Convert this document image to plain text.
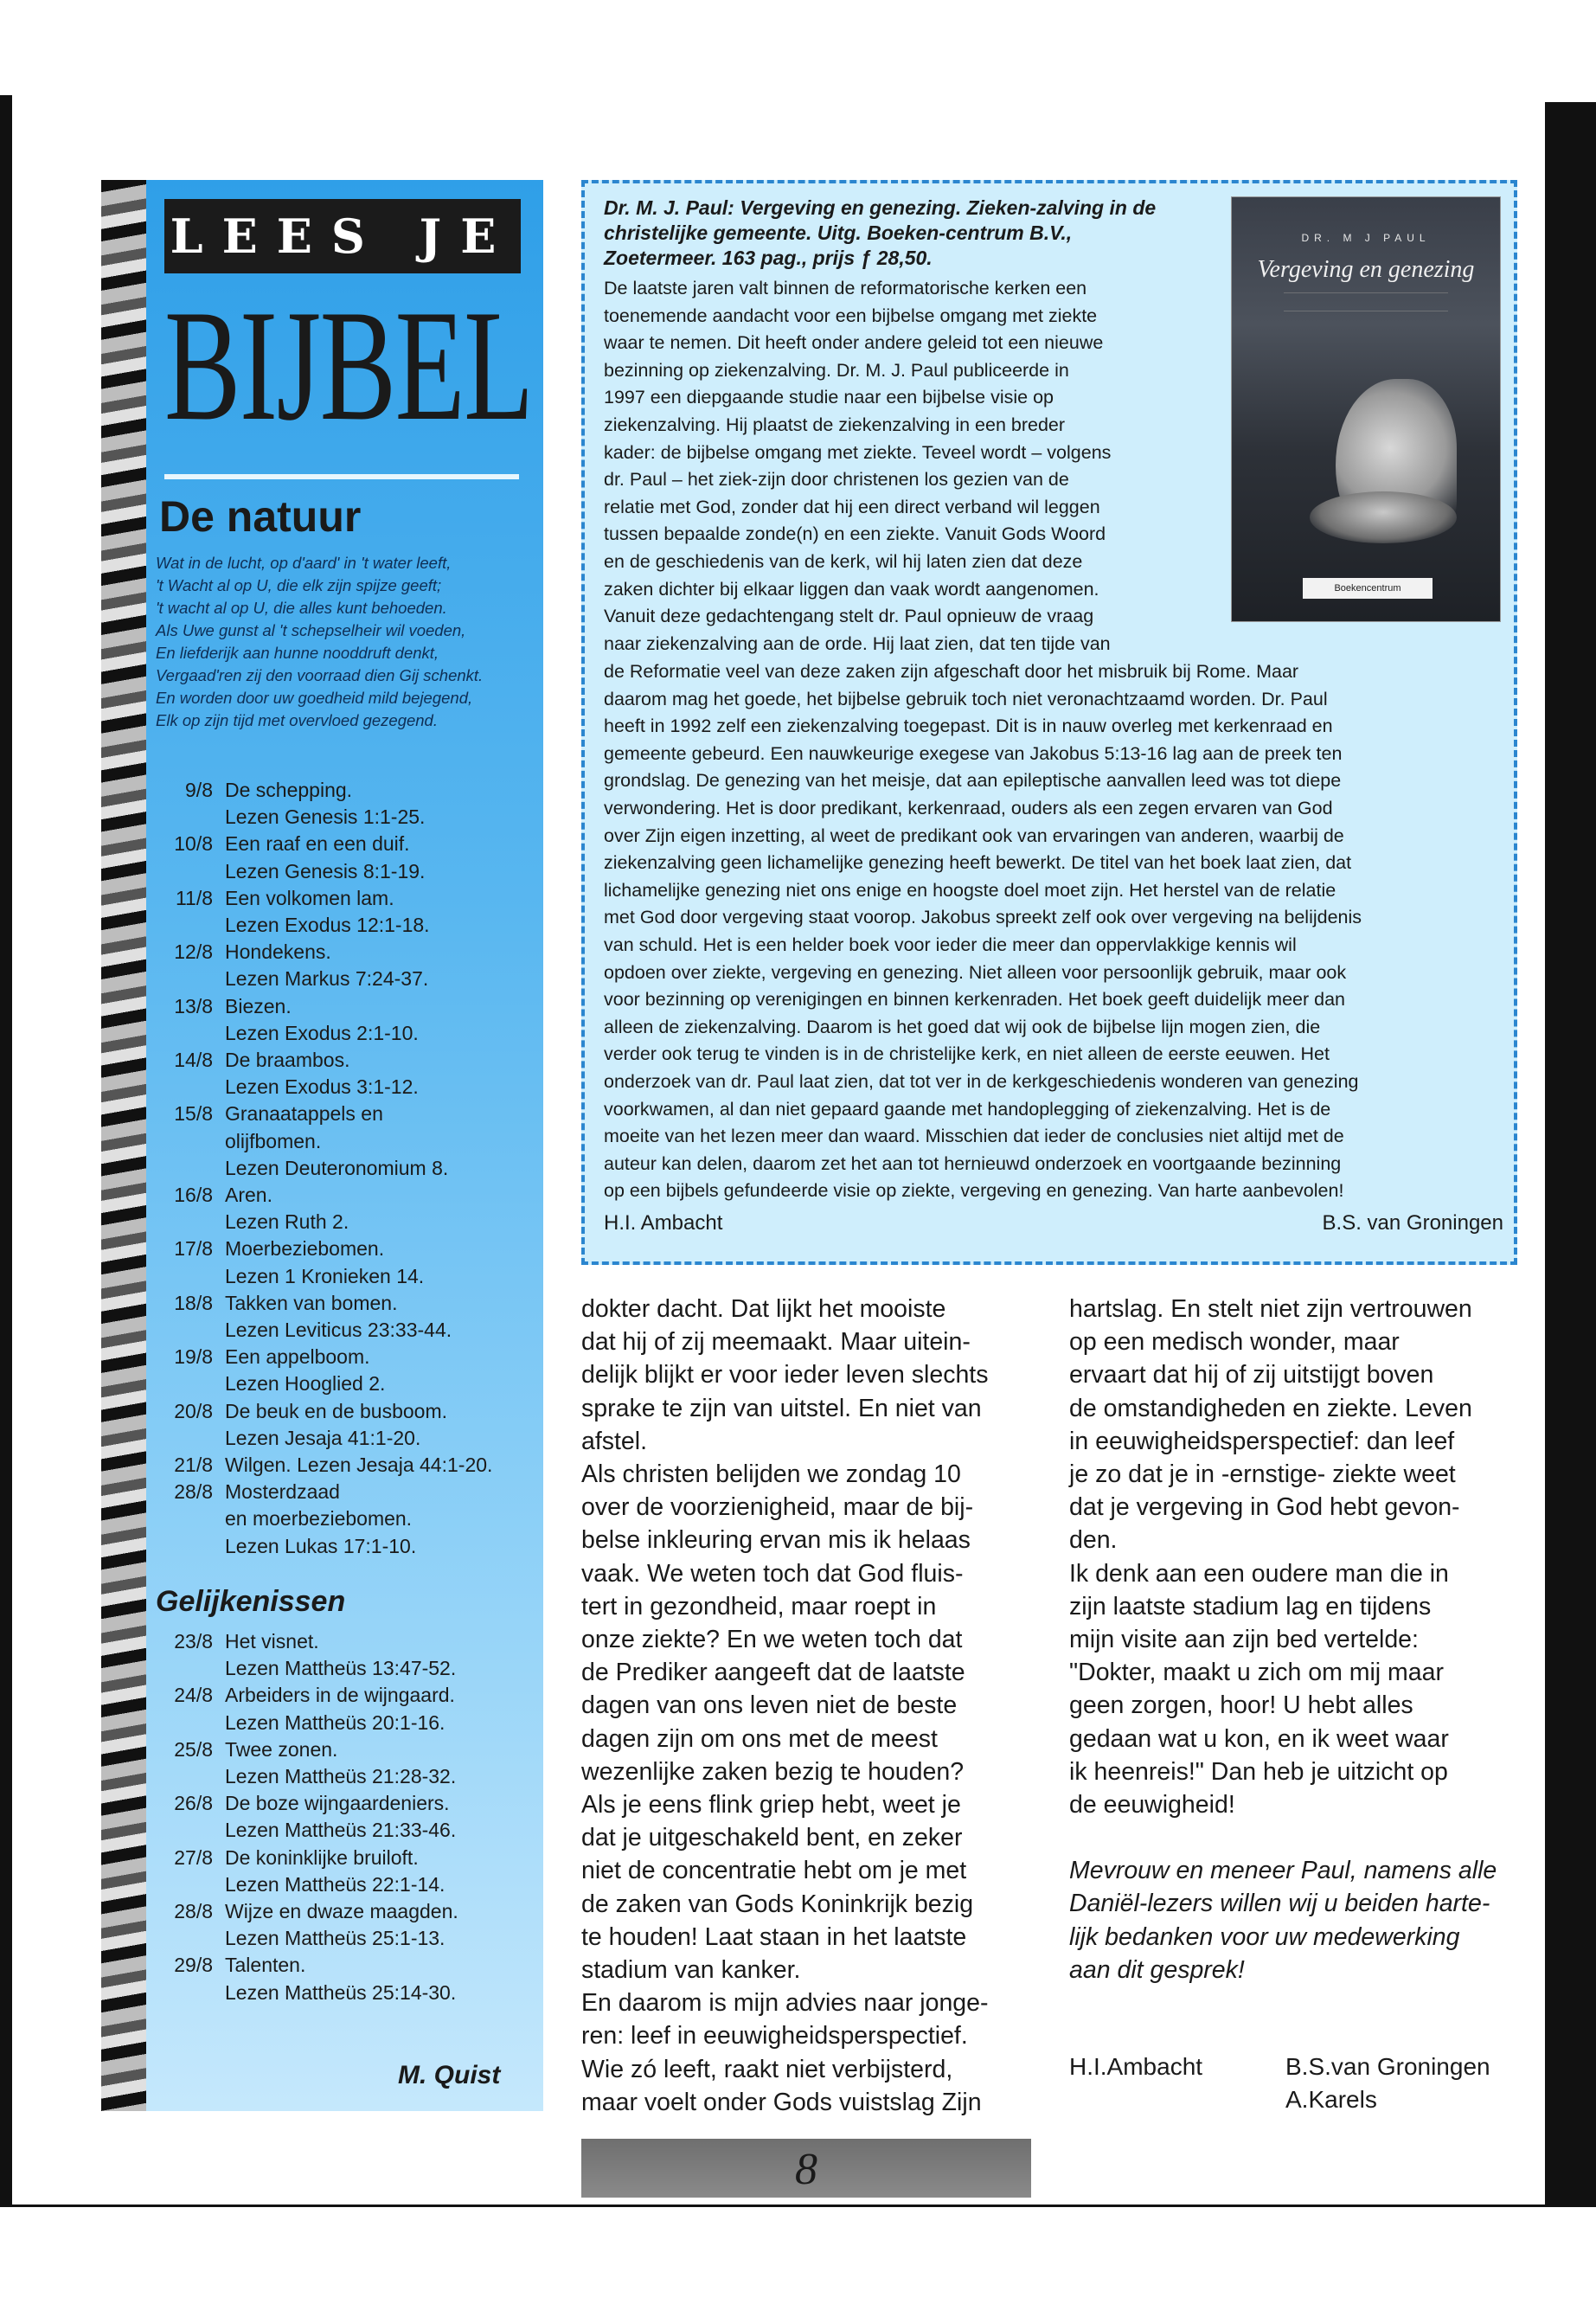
LEES JE
BIJBEL
De natuur
Wat in de lucht, op d'aard' in 't water leeft,
't Wacht al op U, die elk zijn spijze geeft;
't wacht al op U, die alles kunt behoeden.
Als Uwe gunst al 't schepselheir wil voeden,
En liefderijk aan hunne nooddruft denkt,
Vergaad'ren zij den voorraad dien Gij schenkt.
En worden door uw goedheid mild bejegend,
Elk op zijn tijd met overvloed gezegend.
9/8 De schepping.
Lezen Genesis 1:1-25.
10/8 Een raaf en een duif.
Lezen Genesis 8:1-19.
11/8 Een volkomen lam.
Lezen Exodus 12:1-18.
12/8 Hondekens.
Lezen Markus 7:24-37.
13/8 Biezen.
Lezen Exodus 2:1-10.
14/8 De braambos.
Lezen Exodus 3:1-12.
15/8 Granaatappels en
olijfbomen.
Lezen Deuteronomium 8.
16/8 Aren.
Lezen Ruth 2.
17/8 Moerbeziebomen.
Lezen 1 Kronieken 14.
18/8 Takken van bomen.
Lezen Leviticus 23:33-44.
19/8 Een appelboom.
Lezen Hooglied 2.
20/8 De beuk en de busboom.
Lezen Jesaja 41:1-20.
21/8 Wilgen. Lezen Jesaja 44:1-20.
28/8 Mosterdzaad
en moerbeziebomen.
Lezen Lukas 17:1-10.
Gelijkenissen
23/8 Het visnet.
Lezen Mattheüs 13:47-52.
24/8 Arbeiders in de wijngaard.
Lezen Mattheüs 20:1-16.
25/8 Twee zonen.
Lezen Mattheüs 21:28-32.
26/8 De boze wijngaardeniers.
Lezen Mattheüs 21:33-46.
27/8 De koninklijke bruiloft.
Lezen Mattheüs 22:1-14.
28/8 Wijze en dwaze maagden.
Lezen Mattheüs 25:1-13.
29/8 Talenten.
Lezen Mattheüs 25:14-30.
M. Quist
Dr. M. J. Paul: Vergeving en genezing. Zieken-zalving in de
christelijke gemeente. Uitg. Boeken-centrum B.V.,
Zoetermeer. 163 pag., prijs ƒ 28,50.
De laatste jaren valt binnen de reformatorische kerken een
toenemende aandacht voor een bijbelse omgang met ziekte
waar te nemen. Dit heeft onder andere geleid tot een nieuwe
bezinning op ziekenzalving. Dr. M. J. Paul publiceerde in
1997 een diepgaande studie naar een bijbelse visie op
ziekenzalving. Hij plaatst de ziekenzalving in een breder
kader: de bijbelse omgang met ziekte. Teveel wordt – volgens
dr. Paul – het ziek-zijn door christenen los gezien van de
relatie met God, zonder dat hij een direct verband wil leggen
tussen bepaalde zonde(n) en een ziekte. Vanuit Gods Woord
en de geschiedenis van de kerk, wil hij laten zien dat deze
zaken dichter bij elkaar liggen dan vaak wordt aangenomen.
Vanuit deze gedachtengang stelt dr. Paul opnieuw de vraag
naar ziekenzalving aan de orde. Hij laat zien, dat ten tijde van
de Reformatie veel van deze zaken zijn afgeschaft door het misbruik bij Rome. Maar
daarom mag het goede, het bijbelse gebruik toch niet veronachtzaamd worden. Dr. Paul
heeft in 1992 zelf een ziekenzalving toegepast. Dit is in nauw overleg met kerkenraad en
gemeente gebeurd. Een nauwkeurige exegese van Jakobus 5:13-16 lag aan de preek ten
grondslag. De genezing van het meisje, dat aan epileptische aanvallen leed was tot diepe
verwondering. Het is door predikant, kerkenraad, ouders als een zegen ervaren van God
over Zijn eigen inzetting, al weet de predikant ook van ervaringen van anderen, waarbij de
ziekenzalving geen lichamelijke genezing heeft bewerkt. De titel van het boek laat zien, dat
lichamelijke genezing niet ons enige en hoogste doel moet zijn. Het herstel van de relatie
met God door vergeving staat voorop. Jakobus spreekt zelf ook over vergeving na belijdenis
van schuld. Het is een helder boek voor ieder die meer dan oppervlakkige kennis wil
opdoen over ziekte, vergeving en genezing. Niet alleen voor persoonlijk gebruik, maar ook
voor bezinning op verenigingen en binnen kerkenraden. Het boek geeft duidelijk meer dan
alleen de ziekenzalving. Daarom is het goed dat wij ook de bijbelse lijn mogen zien, die
verder ook terug te vinden is in de christelijke kerk, en niet alleen de eerste eeuwen. Het
onderzoek van dr. Paul laat zien, dat tot ver in de kerkgeschiedenis wonderen van genezing
voorkwamen, al dan niet gepaard gaande met handoplegging of ziekenzalving. Het is de
moeite van het lezen meer dan waard. Misschien dat ieder de conclusies niet altijd met de
auteur kan delen, daarom zet het aan tot hernieuwd onderzoek en voortgaande bezinning
op een bijbels gefundeerde visie op ziekte, vergeving en genezing. Van harte aanbevolen!
H.I. Ambacht	B.S. van Groningen
DR. M J PAUL
Vergeving en genezing
Boekencentrum
dokter dacht. Dat lijkt het mooiste
dat hij of zij meemaakt. Maar uitein-
delijk blijkt er voor ieder leven slechts
sprake te zijn van uitstel. En niet van
afstel.
Als christen belijden we zondag 10
over de voorzienigheid, maar de bij-
belse inkleuring ervan mis ik helaas
vaak. We weten toch dat God fluis-
tert in gezondheid, maar roept in
onze ziekte? En we weten toch dat
de Prediker aangeeft dat de laatste
dagen van ons leven niet de beste
dagen zijn om ons met de meest
wezenlijke zaken bezig te houden?
Als je eens flink griep hebt, weet je
dat je uitgeschakeld bent, en zeker
niet de concentratie hebt om je met
de zaken van Gods Koninkrijk bezig
te houden! Laat staan in het laatste
stadium van kanker.
En daarom is mijn advies naar jonge-
ren: leef in eeuwigheidsperspectief.
Wie zó leeft, raakt niet verbijsterd,
maar voelt onder Gods vuistslag Zijn
hartslag. En stelt niet zijn vertrouwen
op een medisch wonder, maar
ervaart dat hij of zij uitstijgt boven
de omstandigheden en ziekte. Leven
in eeuwigheidsperspectief: dan leef
je zo dat je in -ernstige- ziekte weet
dat je vergeving in God hebt gevon-
den.
Ik denk aan een oudere man die in
zijn laatste stadium lag en tijdens
mijn visite aan zijn bed vertelde:
"Dokter, maakt u zich om mij maar
geen zorgen, hoor! U hebt alles
gedaan wat u kon, en ik weet waar
ik heenreis!" Dan heb je uitzicht op
de eeuwigheid!
Mevrouw en meneer Paul, namens alle
Daniël-lezers willen wij u beiden harte-
lijk bedanken voor uw medewerking
aan dit gesprek!
H.I.Ambacht	B.S.van Groningen
A.Karels
8
